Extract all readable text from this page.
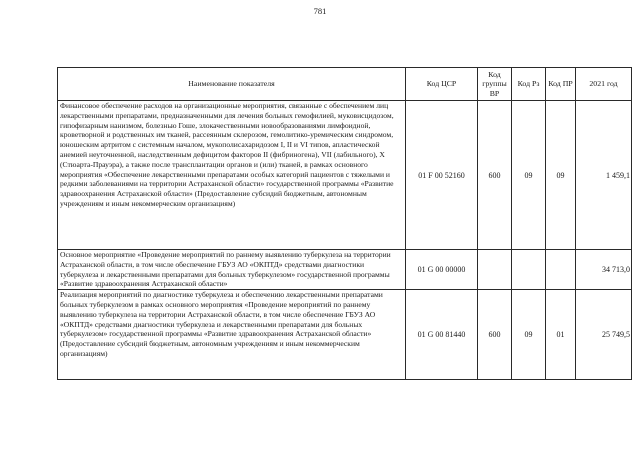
781
Наименование показателя	Код ЦСР	Код группы ВР	Код Рз	Код ПР	2021 год
Финансовое обеспечение расходов на организационные мероприятия, связанные с обеспечением лиц лекарственными препаратами, предназначенными для лечения больных гемофилией, муковисцидозом, гипофизарным нанизмом, болезнью Гоше, злокачественными новообразованиями лимфоидной, кроветворной и родственных им тканей, рассеянным склерозом, гемолитико-уремическим синдромом, юношеским артритом с системным началом, мукополисахаридозом I, II и VI типов, апластической анемией неуточненной, наследственным дефицитом факторов II (фибриногена), VII (лабильного), X (Стюарта-Прауэра), а также после трансплантации органов и (или) тканей, в рамках основного мероприятия «Обеспечение лекарственными препаратами особых категорий пациентов с тяжелыми и редкими заболеваниями на территории Астраханской области» государственной программы «Развитие здравоохранения Астраханской области» (Предоставление субсидий бюджетным, автономным учреждениям и иным некоммерческим организациям)	01 F 00 52160	600	09	09	1 459,1
Основное мероприятие «Проведение мероприятий по раннему выявлению туберкулеза на территории Астраханской области, в том числе обеспечение ГБУЗ АО «ОКПТД» средствами диагностики туберкулеза и лекарственными препаратами для больных туберкулезом» государственной программы «Развитие здравоохранения Астраханской области»	01 G 00 00000				34 713,0
Реализация мероприятий по диагностике туберкулеза и обеспечению лекарственными препаратами больных туберкулезом в рамках основного мероприятия «Проведение мероприятий по раннему выявлению туберкулеза на территории Астраханской области, в том числе обеспечение ГБУЗ АО «ОКПТД» средствами диагностики туберкулеза и лекарственными препаратами для больных туберкулезом» государственной программы «Развитие здравоохранения Астраханской области» (Предоставление субсидий бюджетным, автономным учреждениям и иным некоммерческим организациям)	01 G 00 81440	600	09	01	25 749,5
